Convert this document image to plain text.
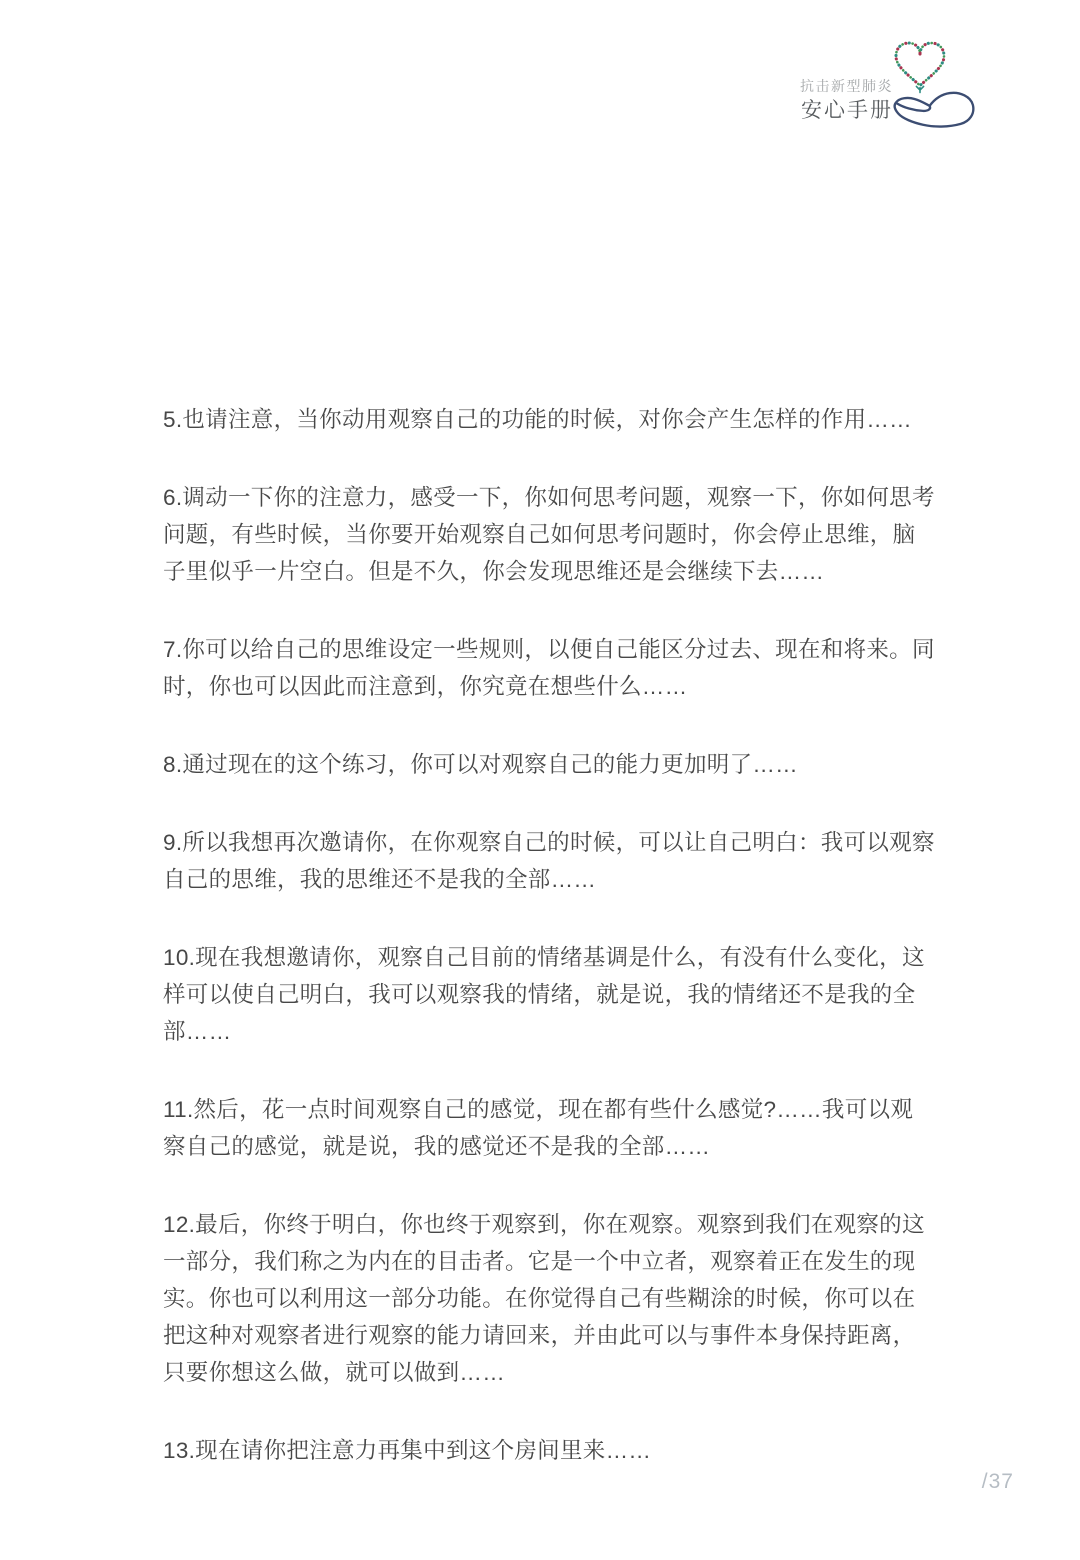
抗击新型肺炎
安心手册

5.也请注意，当你动用观察自己的功能的时候，对你会产生怎样的作用……

6.调动一下你的注意力，感受一下，你如何思考问题，观察一下，你如何思考问题，有些时候，当你要开始观察自己如何思考问题时，你会停止思维，脑子里似乎一片空白。但是不久，你会发现思维还是会继续下去……

7.你可以给自己的思维设定一些规则，以便自己能区分过去、现在和将来。同时，你也可以因此而注意到，你究竟在想些什么……

8.通过现在的这个练习，你可以对观察自己的能力更加明了……

9.所以我想再次邀请你，在你观察自己的时候，可以让自己明白：我可以观察自己的思维，我的思维还不是我的全部……

10.现在我想邀请你，观察自己目前的情绪基调是什么，有没有什么变化，这样可以使自己明白，我可以观察我的情绪，就是说，我的情绪还不是我的全部……

11.然后，花一点时间观察自己的感觉，现在都有些什么感觉?……我可以观察自己的感觉，就是说，我的感觉还不是我的全部……

12.最后，你终于明白，你也终于观察到，你在观察。观察到我们在观察的这一部分，我们称之为内在的目击者。它是一个中立者，观察着正在发生的现实。你也可以利用这一部分功能。在你觉得自己有些糊涂的时候，你可以在把这种对观察者进行观察的能力请回来，并由此可以与事件本身保持距离，只要你想这么做，就可以做到……

13.现在请你把注意力再集中到这个房间里来……

/37
